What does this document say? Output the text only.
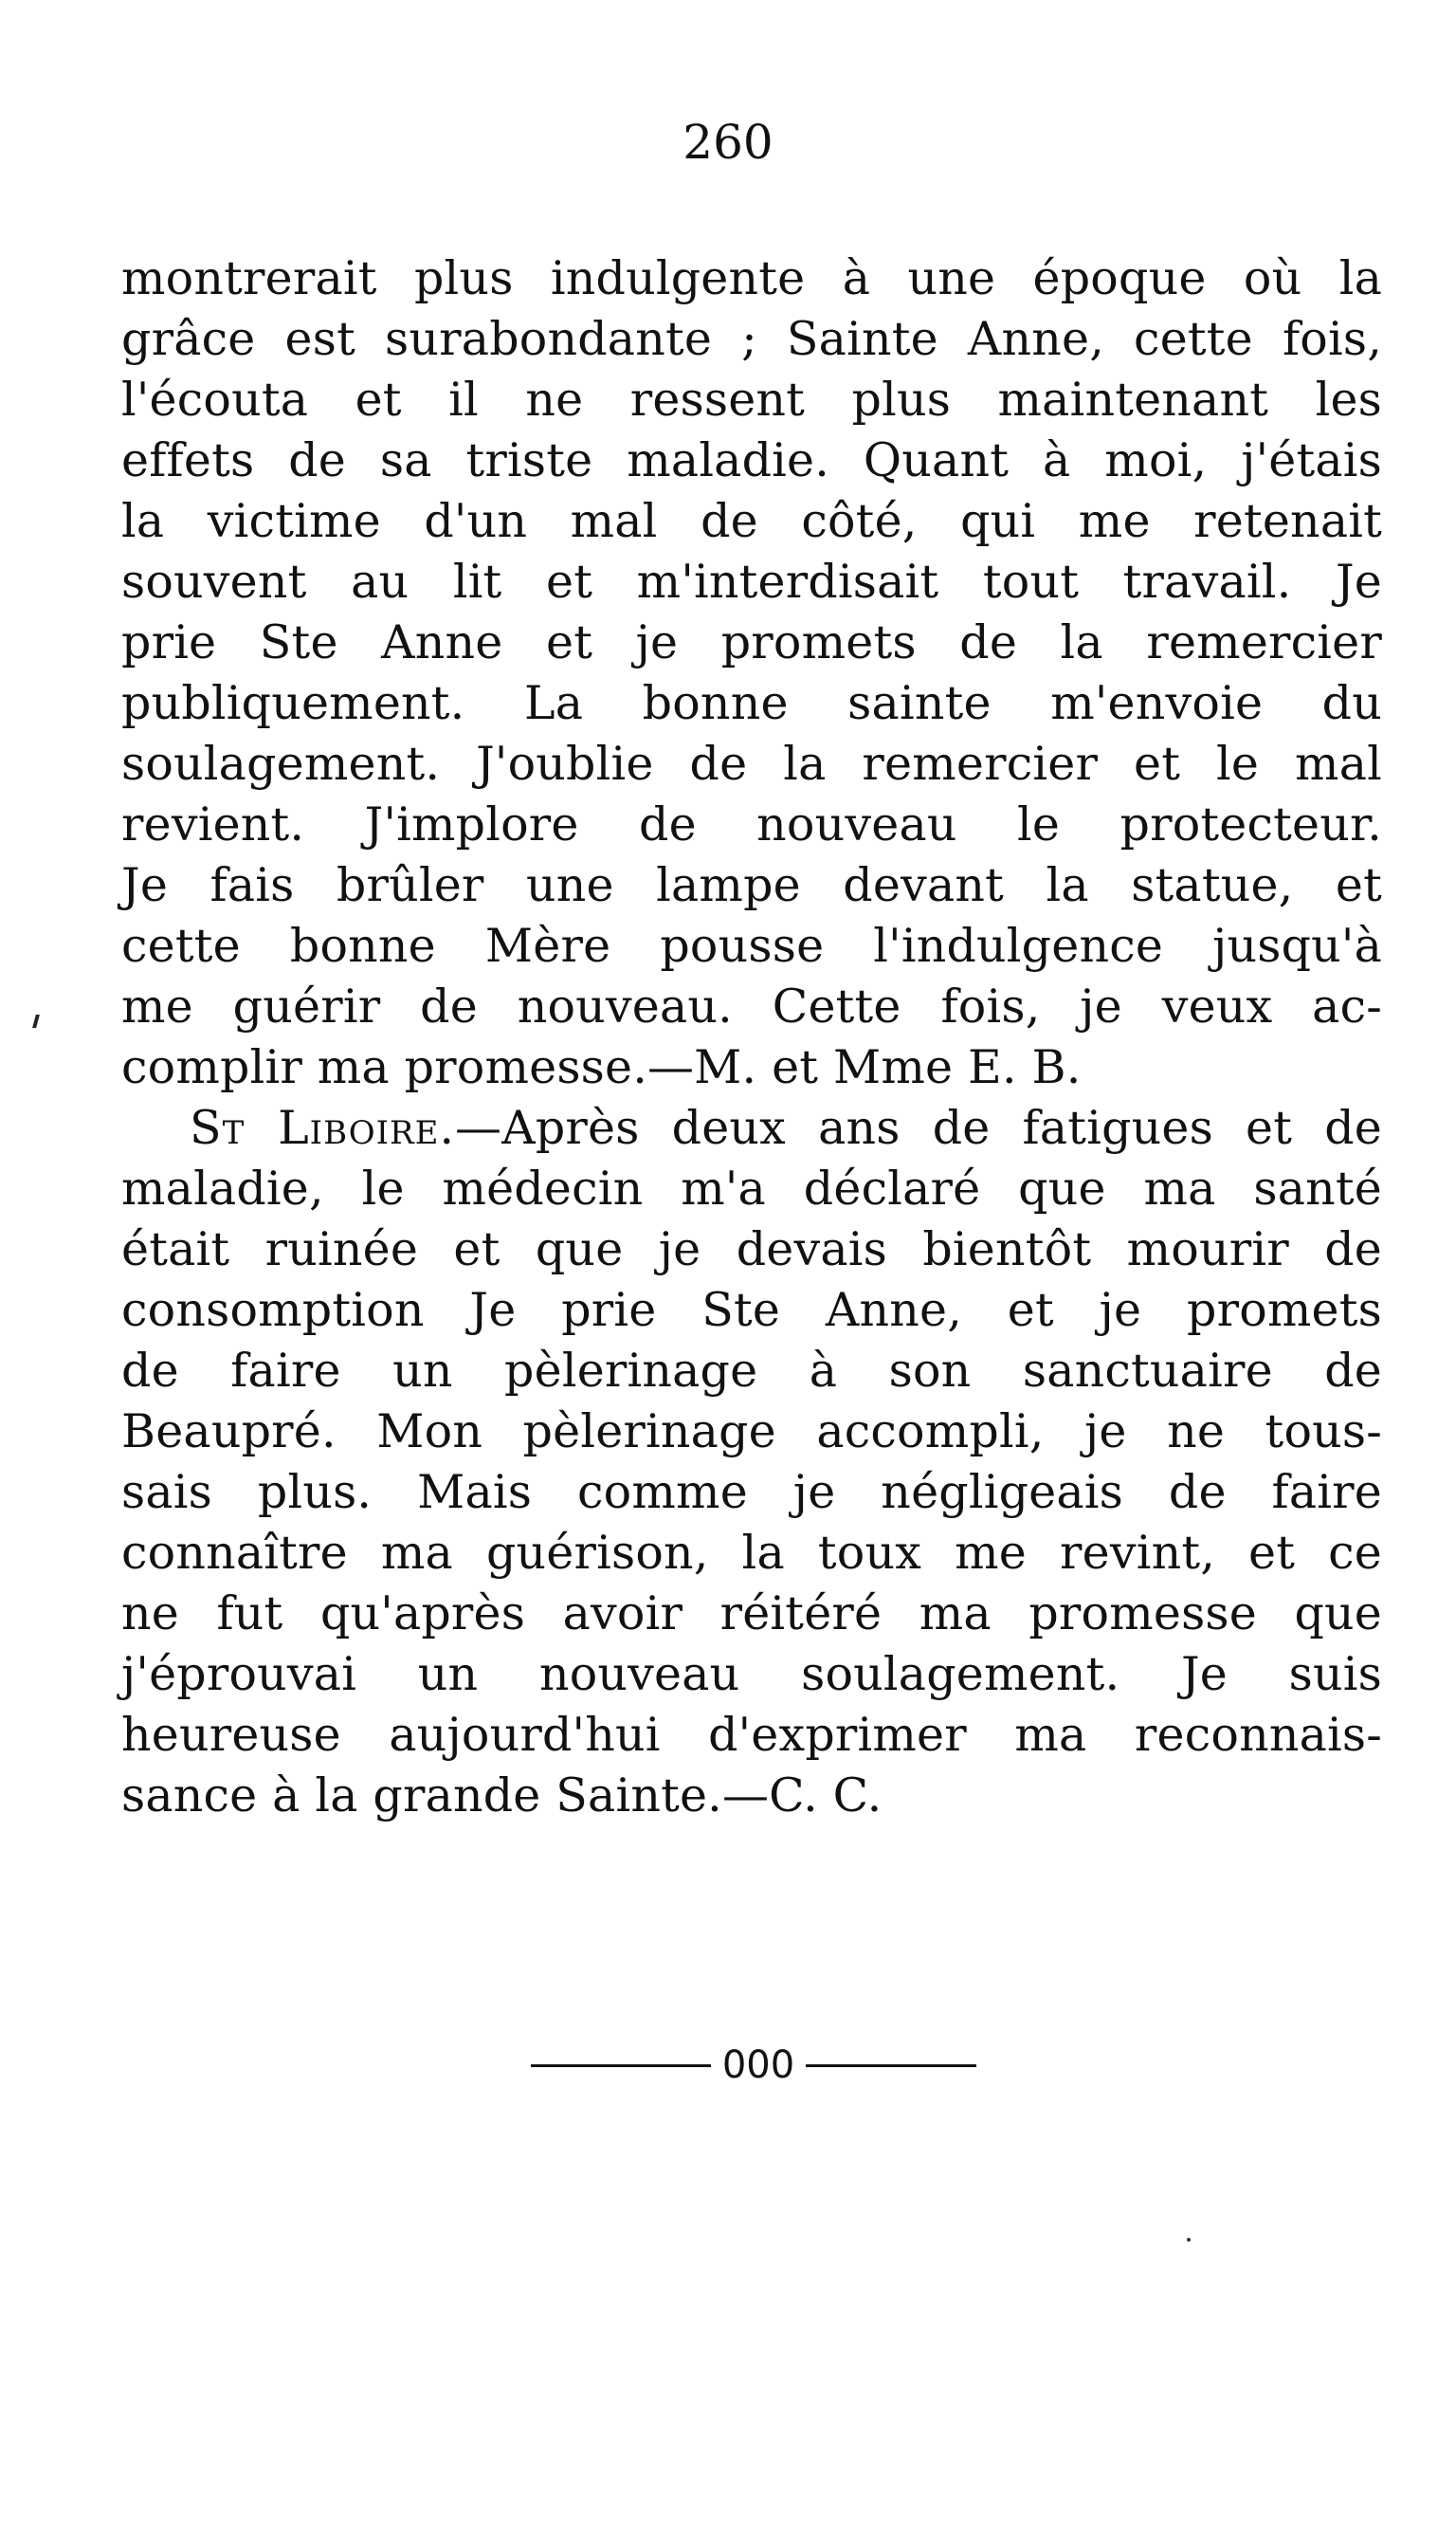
260
montrerait plus indulgente à une époque où la
grâce est surabondante ; Sainte Anne, cette fois,
l'écouta et il ne ressent plus maintenant les
effets de sa triste maladie. Quant à moi, j'étais
la victime d'un mal de côté, qui me retenait
souvent au lit et m'interdisait tout travail. Je
prie Ste Anne et je promets de la remercier
publiquement. La bonne sainte m'envoie du
soulagement. J'oublie de la remercier et le mal
revient. J'implore de nouveau le protecteur.
Je fais brûler une lampe devant la statue, et
cette bonne Mère pousse l'indulgence jusqu'à
me guérir de nouveau. Cette fois, je veux ac-
complir ma promesse.—M. et Mme E. B.
St Liboire.—Après deux ans de fatigues et de
maladie, le médecin m'a déclaré que ma santé
était ruinée et que je devais bientôt mourir de
consomption Je prie Ste Anne, et je promets
de faire un pèlerinage à son sanctuaire de
Beaupré. Mon pèlerinage accompli, je ne tous-
sais plus. Mais comme je négligeais de faire
connaître ma guérison, la toux me revint, et ce
ne fut qu'après avoir réitéré ma promesse que
j'éprouvai un nouveau soulagement. Je suis
heureuse aujourd'hui d'exprimer ma reconnais-
sance à la grande Sainte.—C. C.
000
